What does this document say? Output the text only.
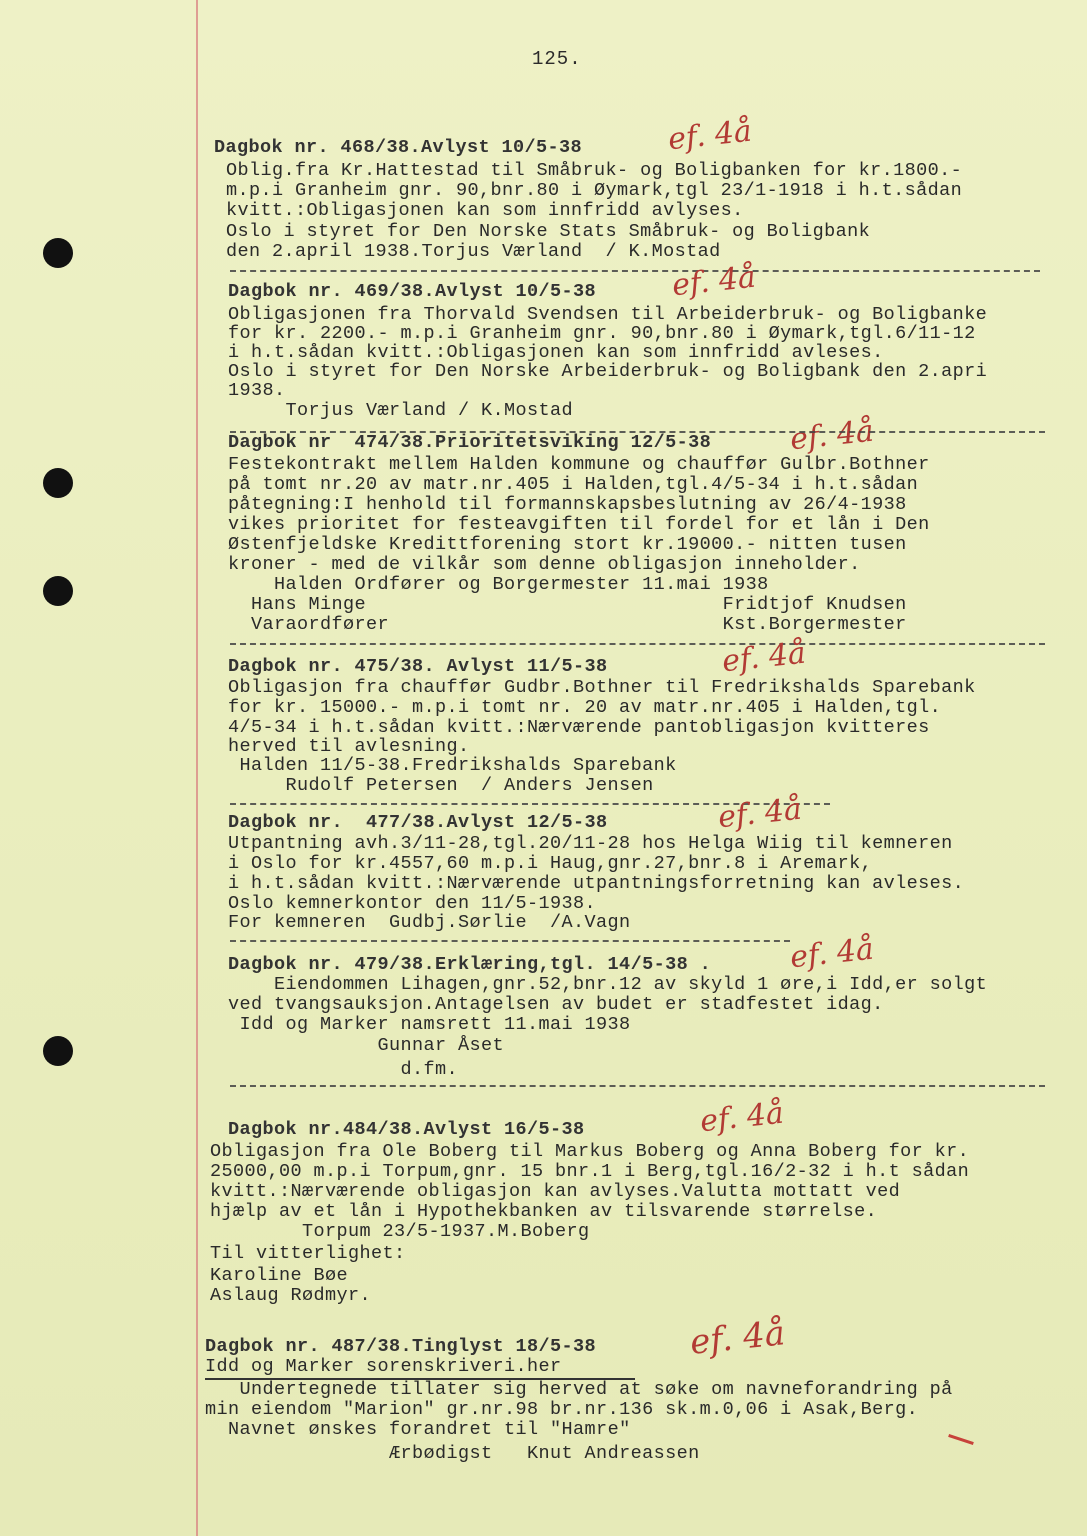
125.
Dagbok nr. 468/38.Avlyst 10/5-38	ef. 4å
Oblig.fra Kr.Hattestad til Småbruk- og Boligbanken for kr.1800.-
m.p.i Granheim gnr. 90,bnr.80 i Øymark,tgl 23/1-1918 i h.t.sådan
kvitt.:Obligasjonen kan som innfridd avlyses.
Oslo i styret for Den Norske Stats Småbruk- og Boligbank
den 2.april 1938.Torjus Værland  / K.Mostad
Dagbok nr. 469/38.Avlyst 10/5-38 ef. 4å
Obligasjonen fra Thorvald Svendsen til Arbeiderbruk- og Boligbanke
for kr. 2200.- m.p.i Granheim gnr. 90,bnr.80 i Øymark,tgl.6/11-12
i h.t.sådan kvitt.:Obligasjonen kan som innfridd avleses.
Oslo i styret for Den Norske Arbeiderbruk- og Boligbank den 2.apri
1938.
Torjus Værland / K.Mostad
Dagbok nr  474/38.Prioritetsviking 12/5-38	ef. 4å
Festekontrakt mellem Halden kommune og chauffør Gulbr.Bothner
på tomt nr.20 av matr.nr.405 i Halden,tgl.4/5-34 i h.t.sådan
påtegning:I henhold til formannskapsbeslutning av 26/4-1938
vikes prioritet for festeavgiften til fordel for et lån i Den
Østenfjeldske Kredittforening stort kr.19000.- nitten tusen
kroner - med de vilkår som denne obligasjon inneholder.
Halden Ordfører og Borgermester 11.mai 1938
Hans Minge                               Fridtjof Knudsen
Varaordfører                             Kst.Borgermester
Dagbok nr. 475/38. Avlyst 11/5-38	ef. 4å
Obligasjon fra chauffør Gudbr.Bothner til Fredrikshalds Sparebank
for kr. 15000.- m.p.i tomt nr. 20 av matr.nr.405 i Halden,tgl.
4/5-34 i h.t.sådan kvitt.:Nærværende pantobligasjon kvitteres
herved til avlesning.
Halden 11/5-38.Fredrikshalds Sparebank
Rudolf Petersen  / Anders Jensen
Dagbok nr.  477/38.Avlyst 12/5-38	ef. 4å
Utpantning avh.3/11-28,tgl.20/11-28 hos Helga Wiig til kemneren
i Oslo for kr.4557,60 m.p.i Haug,gnr.27,bnr.8 i Aremark,
i h.t.sådan kvitt.:Nærværende utpantningsforretning kan avleses.
Oslo kemnerkontor den 11/5-1938.
For kemneren  Gudbj.Sørlie  /A.Vagn
Dagbok nr. 479/38.Erklæring,tgl. 14/5-38 .	ef. 4å
Eiendommen Lihagen,gnr.52,bnr.12 av skyld 1 øre,i Idd,er solgt
ved tvangsauksjon.Antagelsen av budet er stadfestet idag.
Idd og Marker namsrett 11.mai 1938
Gunnar Åset
d.fm.
Dagbok nr.484/38.Avlyst 16/5-38	ef. 4å
Obligasjon fra Ole Boberg til Markus Boberg og Anna Boberg for kr.
25000,00 m.p.i Torpum,gnr. 15 bnr.1 i Berg,tgl.16/2-32 i h.t sådan
kvitt.:Nærværende obligasjon kan avlyses.Valutta mottatt ved
hjælp av et lån i Hypothekbanken av tilsvarende størrelse.
Torpum 23/5-1937.M.Boberg
Til vitterlighet:
Karoline Bøe
Aslaug Rødmyr.
Dagbok nr. 487/38.Tinglyst 18/5-38	ef. 4å
Idd og Marker sorenskriveri.her
Undertegnede tillater sig herved at søke om navneforandring på
min eiendom "Marion" gr.nr.98 br.nr.136 sk.m.0,06 i Asak,Berg.
Navnet ønskes forandret til "Hamre"
Ærbødigst   Knut Andreassen
